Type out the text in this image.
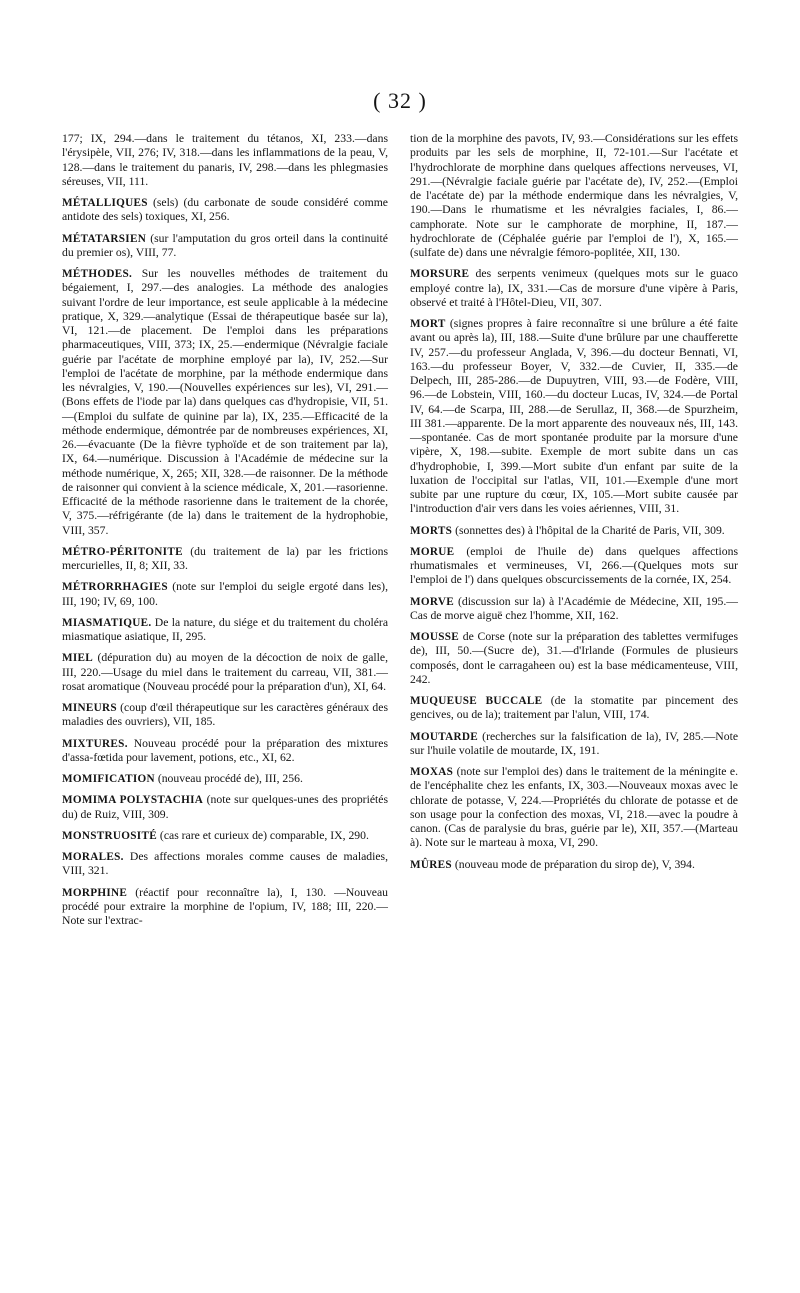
( 32 )

177; IX, 294.—dans le traitement du tétanos, XI, 233.—dans l'érysipèle, VII, 276; IV, 318.—dans les inflammations de la peau, V, 128.—dans le traitement du panaris, IV, 298.—dans les phlegmasies séreuses, VII, 111.

MÉTALLIQUES (sels) (du carbonate de soude considéré comme antidote des sels) toxiques, XI, 256.

MÉTATARSIEN (sur l'amputation du gros orteil dans la continuité du premier os), VIII, 77.

MÉTHODES. Sur les nouvelles méthodes de traitement du bégaiement, I, 297.—des analogies. La méthode des analogies suivant l'ordre de leur importance, est seule applicable à la médecine pratique, X, 329.—analytique (Essai de thérapeutique basée sur la), VI, 121.—de placement. De l'emploi dans les préparations pharmaceutiques, VIII, 373; IX, 25.—endermique (Névralgie faciale guérie par l'acétate de morphine employé par la), IV, 252.—Sur l'emploi de l'acétate de morphine, par la méthode endermique dans les névralgies, V, 190.—(Nouvelles expériences sur les), VI, 291.—(Bons effets de l'iode par la) dans quelques cas d'hydropisie, VII, 51.—(Emploi du sulfate de quinine par la), IX, 235.—Efficacité de la méthode endermique, démontrée par de nombreuses expériences, XI, 26.—évacuante (De la fièvre typhoïde et de son traitement par la), IX, 64.—numérique. Discussion à l'Académie de médecine sur la méthode numérique, X, 265; XII, 328.—de raisonner. De la méthode de raisonner qui convient à la science médicale, X, 201.—rasorienne. Efficacité de la méthode rasorienne dans le traitement de la chorée, V, 375.—réfrigérante (de la) dans le traitement de la hydrophobie, VIII, 357.

MÉTRO-PÉRITONITE (du traitement de la) par les frictions mercurielles, II, 8; XII, 33.

MÉTRORRHAGIES (note sur l'emploi du seigle ergoté dans les), III, 190; IV, 69, 100.

MIASMATIQUE. De la nature, du siége et du traitement du choléra miasmatique asiatique, II, 295.

MIEL (dépuration du) au moyen de la décoction de noix de galle, III, 220.—Usage du miel dans le traitement du carreau, VII, 381.—rosat aromatique (Nouveau procédé pour la préparation d'un), XI, 64.

MINEURS (coup d'œil thérapeutique sur les caractères généraux des maladies des ouvriers), VII, 185.

MIXTURES. Nouveau procédé pour la préparation des mixtures d'assa-fœtida pour lavement, potions, etc., XI, 62.

MOMIFICATION (nouveau procédé de), III, 256.

MOMIMA POLYSTACHIA (note sur quelques-unes des propriétés du) de Ruiz, VIII, 309.

MONSTRUOSITÉ (cas rare et curieux de) comparable, IX, 290.

MORALES. Des affections morales comme causes de maladies, VIII, 321.

MORPHINE (réactif pour reconnaître la), I, 130. —Nouveau procédé pour extraire la morphine de l'opium, IV, 188; III, 220.—Note sur l'extrac-

tion de la morphine des pavots, IV, 93.—Considérations sur les effets produits par les sels de morphine, II, 72-101.—Sur l'acétate et l'hydrochlorate de morphine dans quelques affections nerveuses, VI, 291.—(Névralgie faciale guérie par l'acétate de), IV, 252.—(Emploi de l'acétate de) par la méthode endermique dans les névralgies, V, 190.—Dans le rhumatisme et les névralgies faciales, I, 86.—camphorate. Note sur le camphorate de morphine, II, 187.—hydrochlorate de (Céphalée guérie par l'emploi de l'), X, 165.—(sulfate de) dans une névralgie fémoro-poplitée, XII, 130.

MORSURE des serpents venimeux (quelques mots sur le guaco employé contre la), IX, 331.—Cas de morsure d'une vipère à Paris, observé et traité à l'Hôtel-Dieu, VII, 307.

MORT (signes propres à faire reconnaître si une brûlure a été faite avant ou après la), III, 188.—Suite d'une brûlure par une chaufferette IV, 257.—du professeur Anglada, V, 396.—du docteur Bennati, VI, 163.—du professeur Boyer, V, 332.—de Cuvier, II, 335.—de Delpech, III, 285-286.—de Dupuytren, VIII, 93.—de Fodère, VIII, 96.—de Lobstein, VIII, 160.—du docteur Lucas, IV, 324.—de Portal IV, 64.—de Scarpa, III, 288.—de Serullaz, II, 368.—de Spurzheim, III 381.—apparente. De la mort apparente des nouveaux nés, III, 143.—spontanée. Cas de mort spontanée produite par la morsure d'une vipère, X, 198.—subite. Exemple de mort subite dans un cas d'hydrophobie, I, 399.—Mort subite d'un enfant par suite de la luxation de l'occipital sur l'atlas, VII, 101.—Exemple d'une mort subite par une rupture du cœur, IX, 105.—Mort subite causée par l'introduction d'air vers dans les voies aériennes, VIII, 31.

MORTS (sonnettes des) à l'hôpital de la Charité de Paris, VII, 309.

MORUE (emploi de l'huile de) dans quelques affections rhumatismales et vermineuses, VI, 266.—(Quelques mots sur l'emploi de l') dans quelques obscurcissements de la cornée, IX, 254.

MORVE (discussion sur la) à l'Académie de Médecine, XII, 195.—Cas de morve aiguë chez l'homme, XII, 162.

MOUSSE de Corse (note sur la préparation des tablettes vermifuges de), III, 50.—(Sucre de), 31.—d'Irlande (Formules de plusieurs composés, dont le carragaheen ou) est la base médicamenteuse, VIII, 242.

MUQUEUSE BUCCALE (de la stomatite par pincement des gencives, ou de la); traitement par l'alun, VIII, 174.

MOUTARDE (recherches sur la falsification de la), IV, 285.—Note sur l'huile volatile de moutarde, IX, 191.

MOXAS (note sur l'emploi des) dans le traitement de la méningite e. de l'encéphalite chez les enfants, IX, 303.—Nouveaux moxas avec le chlorate de potasse, V, 224.—Propriétés du chlorate de potasse et de son usage pour la confection des moxas, VI, 218.—avec la poudre à canon. (Cas de paralysie du bras, guérie par le), XII, 357.—(Marteau à). Note sur le marteau à moxa, VI, 290.

MÛRES (nouveau mode de préparation du sirop de), V, 394.
